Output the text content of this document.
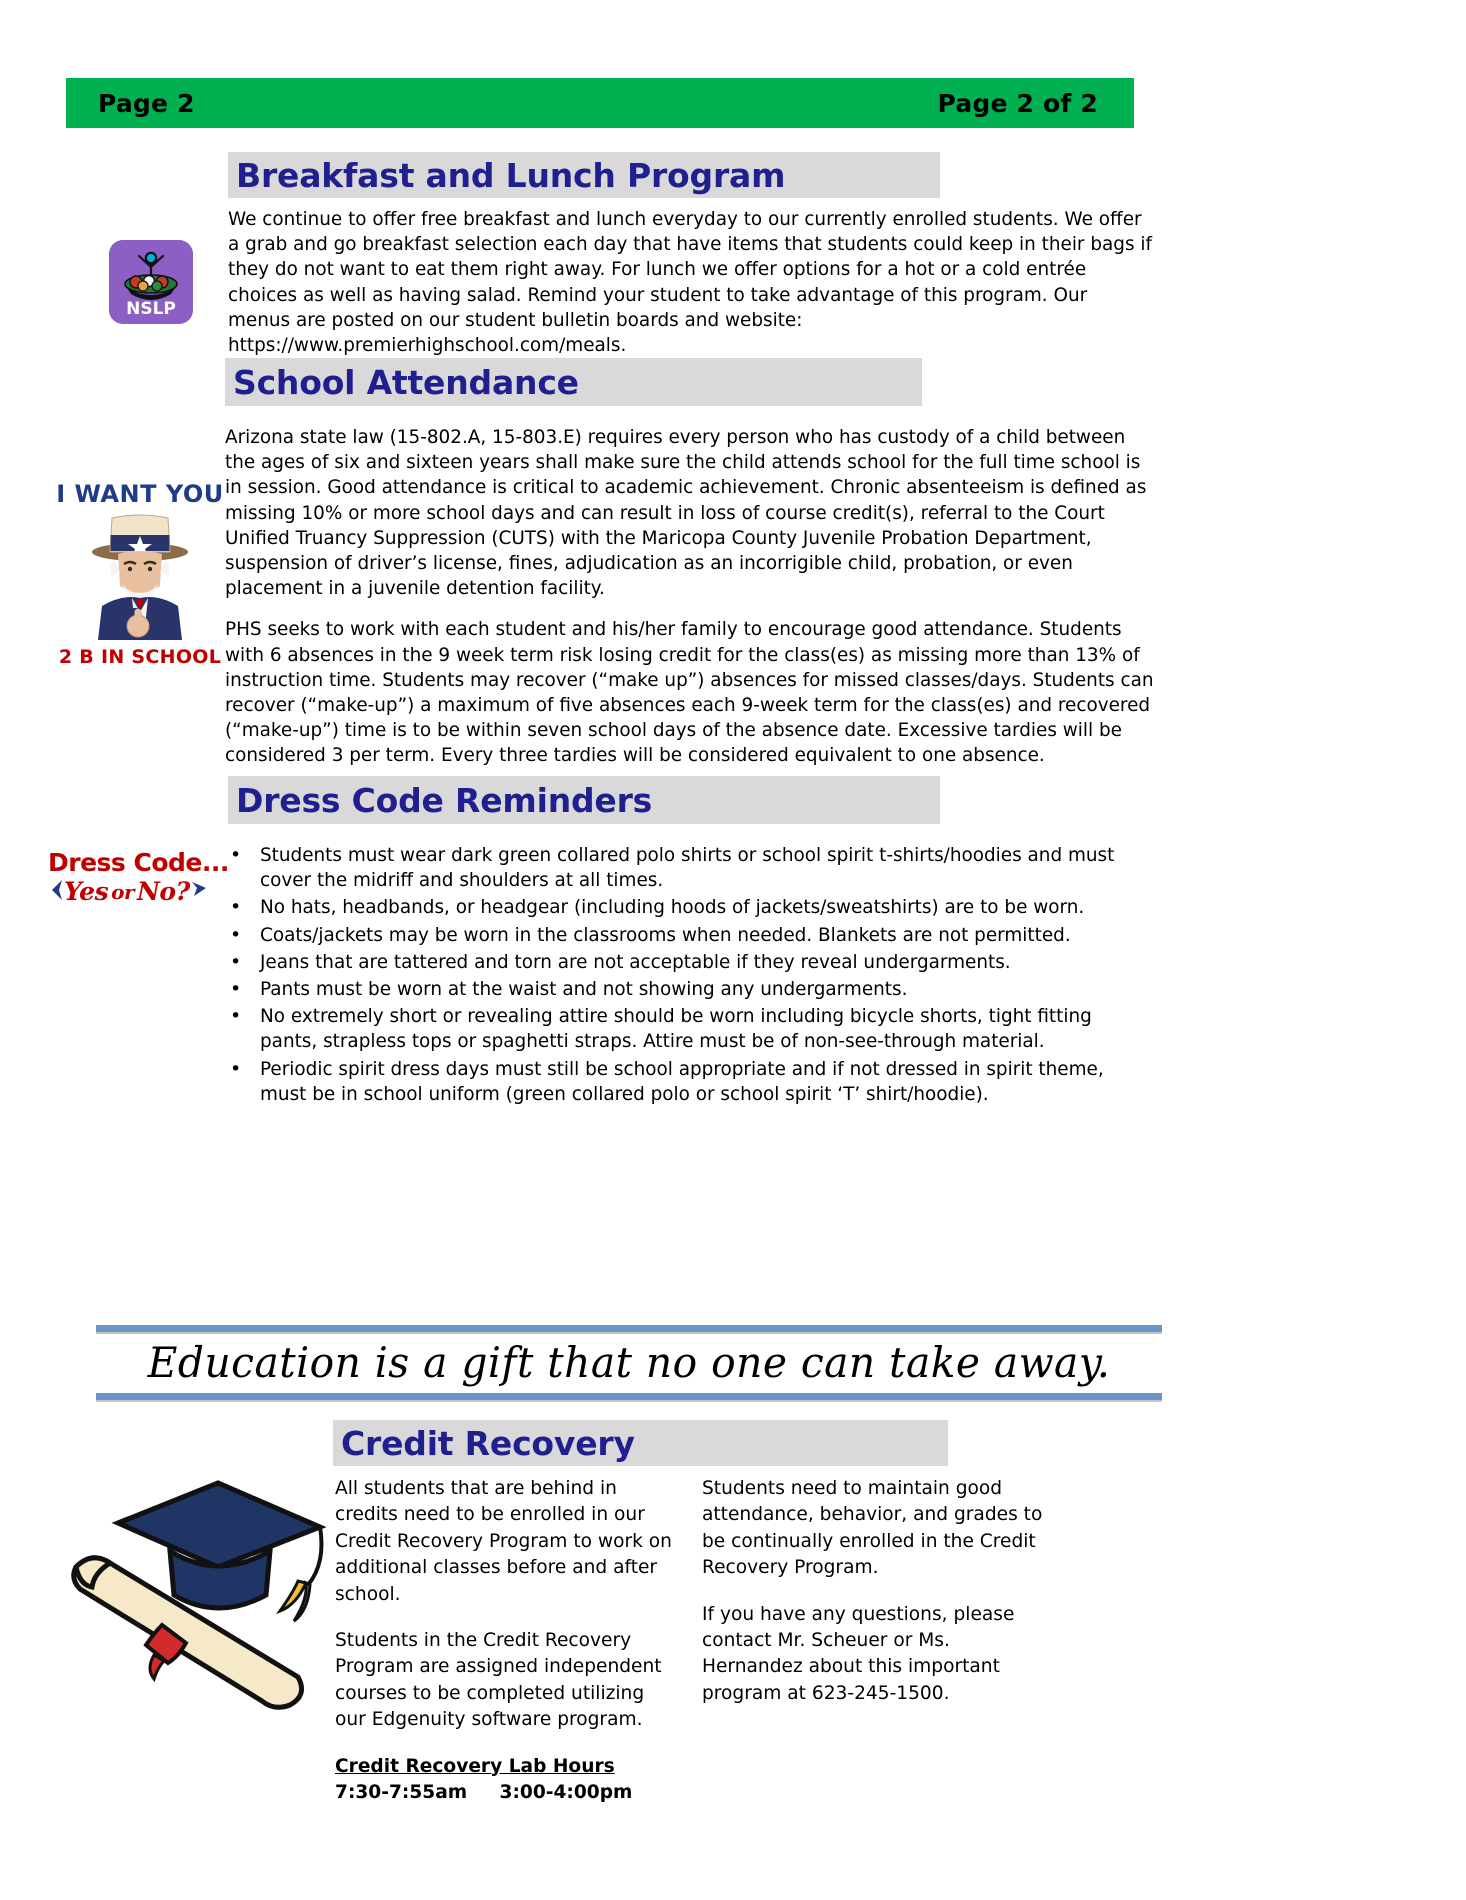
Page 2	Page 2 of 2
NSLP
Breakfast and Lunch Program

We continue to offer free breakfast and lunch everyday to our currently enrolled students. We offer a grab and go breakfast selection each day that have items that students could keep in their bags if they do not want to eat them right away. For lunch we offer options for a hot or a cold entrée choices as well as having salad. Remind your student to take advantage of this program. Our menus are posted on our student bulletin boards and website: https://www.premierhighschool.com/meals.

I WANT YOU
2 B IN SCHOOL
School Attendance

Arizona state law (15-802.A, 15-803.E) requires every person who has custody of a child between the ages of six and sixteen years shall make sure the child attends school for the full time school is in session. Good attendance is critical to academic achievement. Chronic absenteeism is defined as missing 10% or more school days and can result in loss of course credit(s), referral to the Court Unified Truancy Suppression (CUTS) with the Maricopa County Juvenile Probation Department, suspension of driver’s license, fines, adjudication as an incorrigible child, probation, or even placement in a juvenile detention facility.

PHS seeks to work with each student and his/her family to encourage good attendance. Students with 6 absences in the 9 week term risk losing credit for the class(es) as missing more than 13% of instruction time. Students may recover (“make up”) absences for missed classes/days. Students can recover (“make-up”) a maximum of five absences each 9-week term for the class(es) and recovered (“make-up”) time is to be within seven school days of the absence date. Excessive tardies will be considered 3 per term. Every three tardies will be considered equivalent to one absence.

Dress Code...
Yes or No?
Dress Code Reminders
• Students must wear dark green collared polo shirts or school spirit t-shirts/hoodies and must cover the midriff and shoulders at all times.
• No hats, headbands, or headgear (including hoods of jackets/sweatshirts) are to be worn.
• Coats/jackets may be worn in the classrooms when needed. Blankets are not permitted.
• Jeans that are tattered and torn are not acceptable if they reveal undergarments.
• Pants must be worn at the waist and not showing any undergarments.
• No extremely short or revealing attire should be worn including bicycle shorts, tight fitting pants, strapless tops or spaghetti straps. Attire must be of non-see-through material.
• Periodic spirit dress days must still be school appropriate and if not dressed in spirit theme, must be in school uniform (green collared polo or school spirit ‘T’ shirt/hoodie).
Education is a gift that no one can take away.
Credit Recovery

All students that are behind in credits need to be enrolled in our Credit Recovery Program to work on additional classes before and after school.

Students in the Credit Recovery Program are assigned independent courses to be completed utilizing our Edgenuity software program.

Credit Recovery Lab Hours
7:30-7:55am     3:00-4:00pm

Students need to maintain good attendance, behavior, and grades to be continually enrolled in the Credit Recovery Program.

If you have any questions, please contact Mr. Scheuer or Ms. Hernandez about this important program at 623-245-1500.
